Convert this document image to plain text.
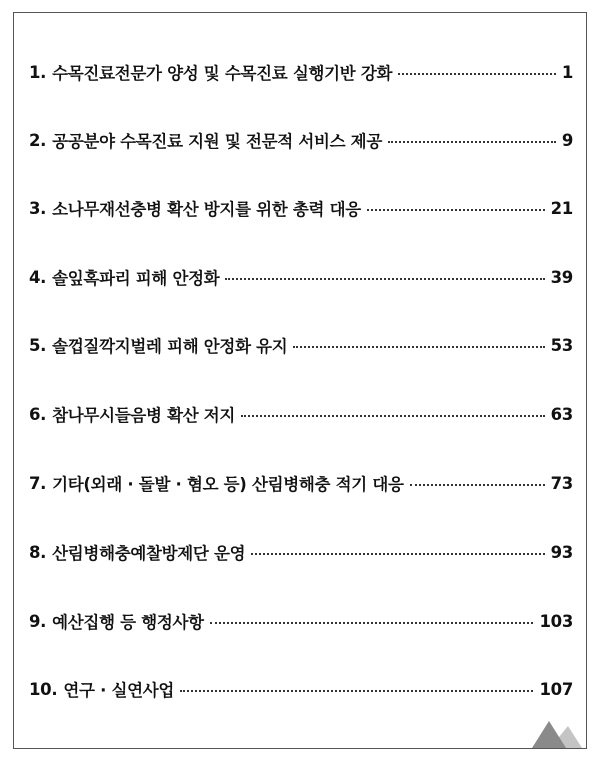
1. 수목진료전문가 양성 및 수목진료 실행기반 강화	1
2. 공공분야 수목진료 지원 및 전문적 서비스 제공	9
3. 소나무재선충병 확산 방지를 위한 총력 대응	21
4. 솔잎혹파리 피해 안정화	39
5. 솔껍질깍지벌레 피해 안정화 유지	53
6. 참나무시들음병 확산 저지	63
7. 기타(외래 · 돌발 · 혐오 등) 산림병해충 적기 대응	73
8. 산림병해충예찰방제단 운영	93
9. 예산집행 등 행정사항	103
10. 연구 · 실연사업	107
